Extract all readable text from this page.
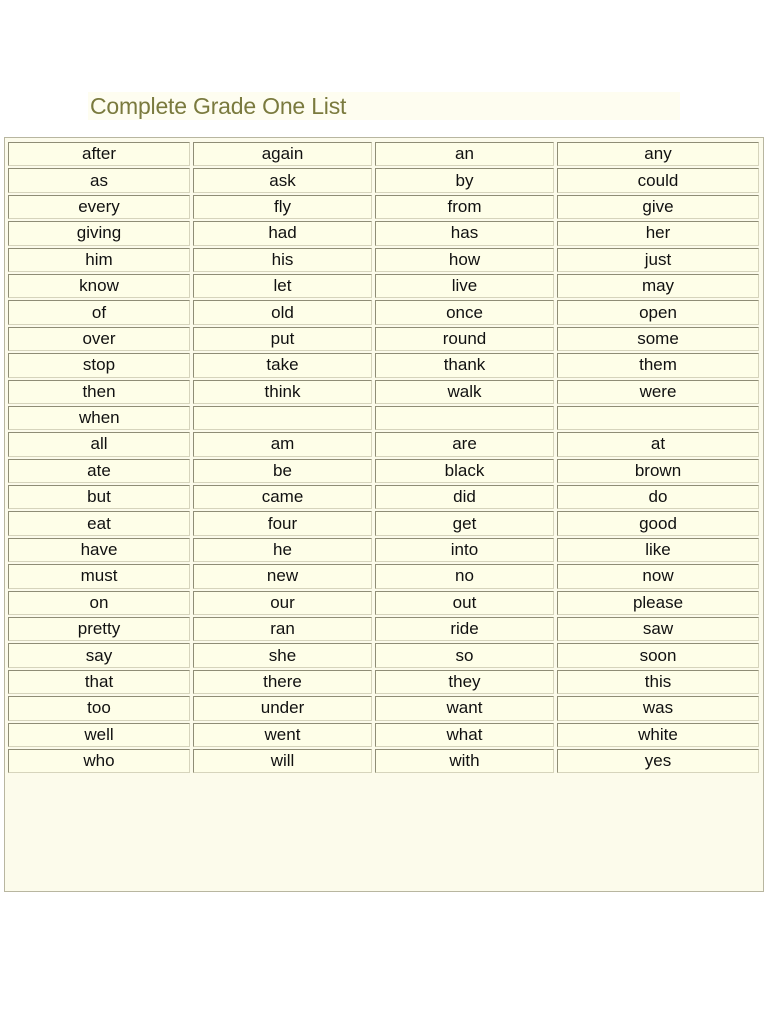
Complete Grade One List
after	again	an	any
as	ask	by	could
every	fly	from	give
giving	had	has	her
him	his	how	just
know	let	live	may
of	old	once	open
over	put	round	some
stop	take	thank	them
then	think	walk	were
when			
all	am	are	at
ate	be	black	brown
but	came	did	do
eat	four	get	good
have	he	into	like
must	new	no	now
on	our	out	please
pretty	ran	ride	saw
say	she	so	soon
that	there	they	this
too	under	want	was
well	went	what	white
who	will	with	yes
